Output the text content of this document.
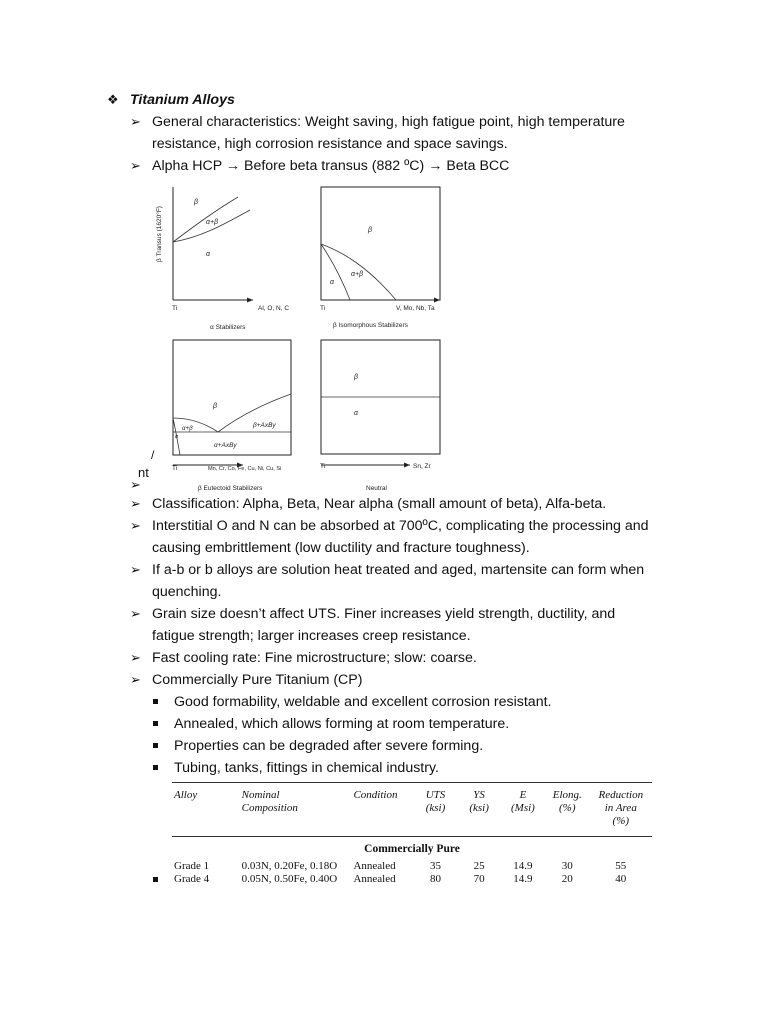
❖ Titanium Alloys
➢ General characteristics: Weight saving, high fatigue point, high temperature
resistance, high corrosion resistance and space savings.
➢ Alpha HCP → Before beta transus (882 ºC) → Beta BCC
β Transus (1620°F)
β
α+β
α
Ti	Al, O, N, C
α Stabilizers
β
α+β
α
Ti	V, Mo, Nb, Ta
β Isomorphous Stabilizers
β
α+β
α
β+AxBy
α+AxBy
Ti	Mn, Cr, Co, Fe, Cu, Ni, Cu, Si
β Eutectoid Stabilizers
β
α
Ti	Sn, Zr
Neutral
/
nt
➢
➢ Classification: Alpha, Beta, Near alpha (small amount of beta), Alfa-beta.
➢ Interstitial O and N can be absorbed at 700ºC, complicating the processing and
causing embrittlement (low ductility and fracture toughness).
➢ If a-b or b alloys are solution heat treated and aged, martensite can form when
quenching.
➢ Grain size doesn’t affect UTS. Finer increases yield strength, ductility, and
fatigue strength; larger increases creep resistance.
➢ Fast cooling rate: Fine microstructure; slow: coarse.
➢ Commercially Pure Titanium (CP)
Good formability, weldable and excellent corrosion resistant.
Annealed, which allows forming at room temperature.
Properties can be degraded after severe forming.
Tubing, tanks, fittings in chemical industry.
Alloy	Nominal
Composition	Condition	UTS
(ksi)	YS
(ksi)	E
(Msi)	Elong.
(%)	Reduction
in Area
(%)
Commercially Pure							
Grade 1	0.03N, 0.20Fe, 0.18O	Annealed	35	25	14.9	30	55
Grade 4	0.05N, 0.50Fe, 0.40O	Annealed	80	70	14.9	20	40
